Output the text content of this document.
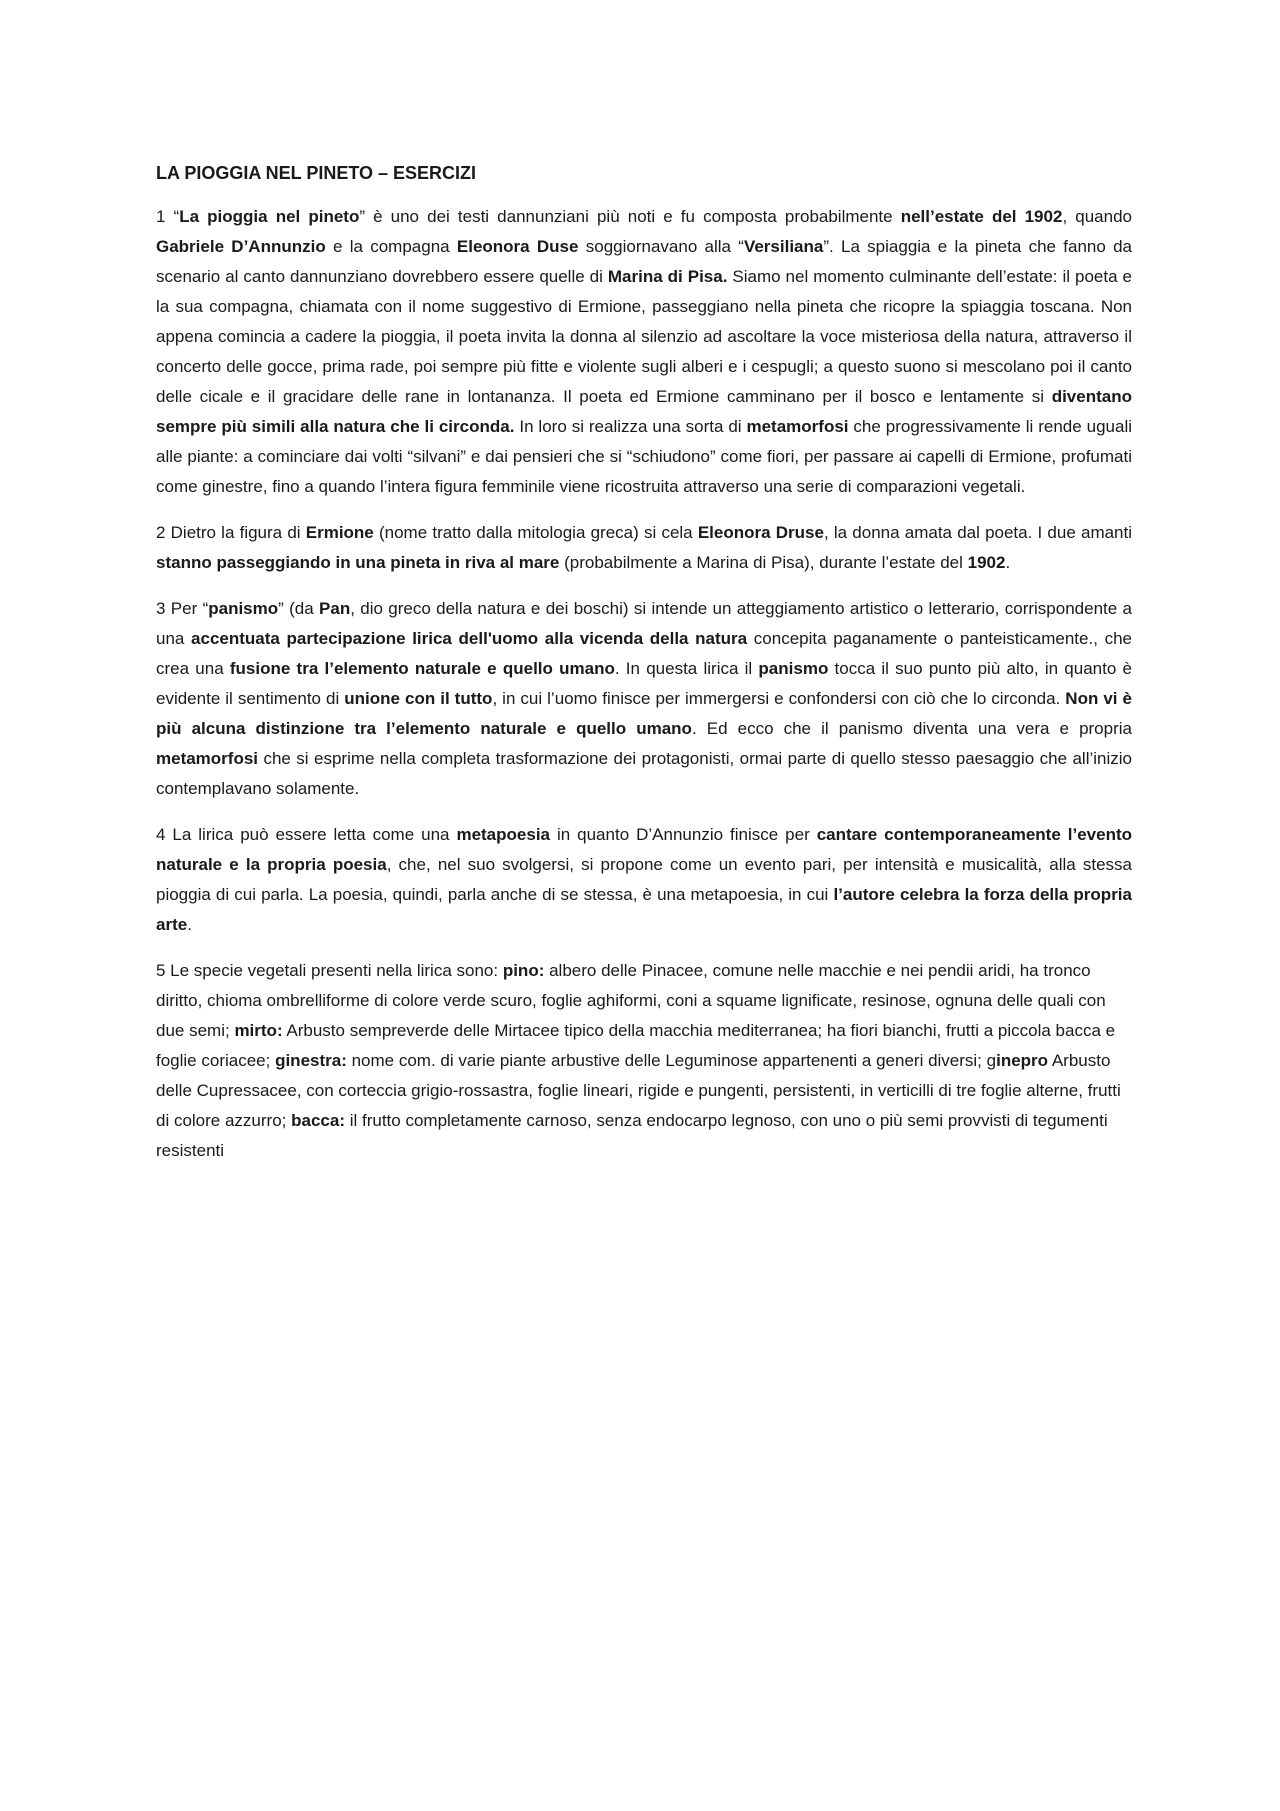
LA PIOGGIA NEL PINETO – ESERCIZI

1 “La pioggia nel pineto” è uno dei testi dannunziani più noti e fu composta probabilmente nell’estate del 1902, quando Gabriele D’Annunzio e la compagna Eleonora Duse soggiornavano alla “Versiliana”. La spiaggia e la pineta che fanno da scenario al canto dannunziano dovrebbero essere quelle di Marina di Pisa. Siamo nel momento culminante dell’estate: il poeta e la sua compagna, chiamata con il nome suggestivo di Ermione, passeggiano nella pineta che ricopre la spiaggia toscana. Non appena comincia a cadere la pioggia, il poeta invita la donna al silenzio ad ascoltare la voce misteriosa della natura, attraverso il concerto delle gocce, prima rade, poi sempre più fitte e violente sugli alberi e i cespugli; a questo suono si mescolano poi il canto delle cicale e il gracidare delle rane in lontananza. Il poeta ed Ermione camminano per il bosco e lentamente si diventano sempre più simili alla natura che li circonda. In loro si realizza una sorta di metamorfosi che progressivamente li rende uguali alle piante: a cominciare dai volti “silvani” e dai pensieri che si “schiudono” come fiori, per passare ai capelli di Ermione, profumati come ginestre, fino a quando l’intera figura femminile viene ricostruita attraverso una serie di comparazioni vegetali.

2 Dietro la figura di Ermione (nome tratto dalla mitologia greca) si cela Eleonora Druse, la donna amata dal poeta. I due amanti stanno passeggiando in una pineta in riva al mare (probabilmente a Marina di Pisa), durante l’estate del 1902.

3 Per “panismo” (da Pan, dio greco della natura e dei boschi) si intende un atteggiamento artistico o letterario, corrispondente a una accentuata partecipazione lirica dell'uomo alla vicenda della natura concepita paganamente o panteisticamente., che crea una fusione tra l’elemento naturale e quello umano. In questa lirica il panismo tocca il suo punto più alto, in quanto è evidente il sentimento di unione con il tutto, in cui l’uomo finisce per immergersi e confondersi con ciò che lo circonda. Non vi è più alcuna distinzione tra l’elemento naturale e quello umano. Ed ecco che il panismo diventa una vera e propria metamorfosi che si esprime nella completa trasformazione dei protagonisti, ormai parte di quello stesso paesaggio che all’inizio contemplavano solamente.

4 La lirica può essere letta come una metapoesia in quanto D’Annunzio finisce per cantare contemporaneamente l’evento naturale e la propria poesia, che, nel suo svolgersi, si propone come un evento pari, per intensità e musicalità, alla stessa pioggia di cui parla. La poesia, quindi, parla anche di se stessa, è una metapoesia, in cui l’autore celebra la forza della propria arte.

5 Le specie vegetali presenti nella lirica sono: pino: albero delle Pinacee, comune nelle macchie e nei pendii aridi, ha tronco diritto, chioma ombrelliforme di colore verde scuro, foglie aghiformi, coni a squame lignificate, resinose, ognuna delle quali con due semi; mirto: Arbusto sempreverde delle Mirtacee tipico della macchia mediterranea; ha fiori bianchi, frutti a piccola bacca e foglie coriacee; ginestra: nome com. di varie piante arbustive delle Leguminose appartenenti a generi diversi; ginepro Arbusto delle Cupressacee, con corteccia grigio-rossastra, foglie lineari, rigide e pungenti, persistenti, in verticilli di tre foglie alterne, frutti di colore azzurro; bacca: il frutto completamente carnoso, senza endocarpo legnoso, con uno o più semi provvisti di tegumenti resistenti
